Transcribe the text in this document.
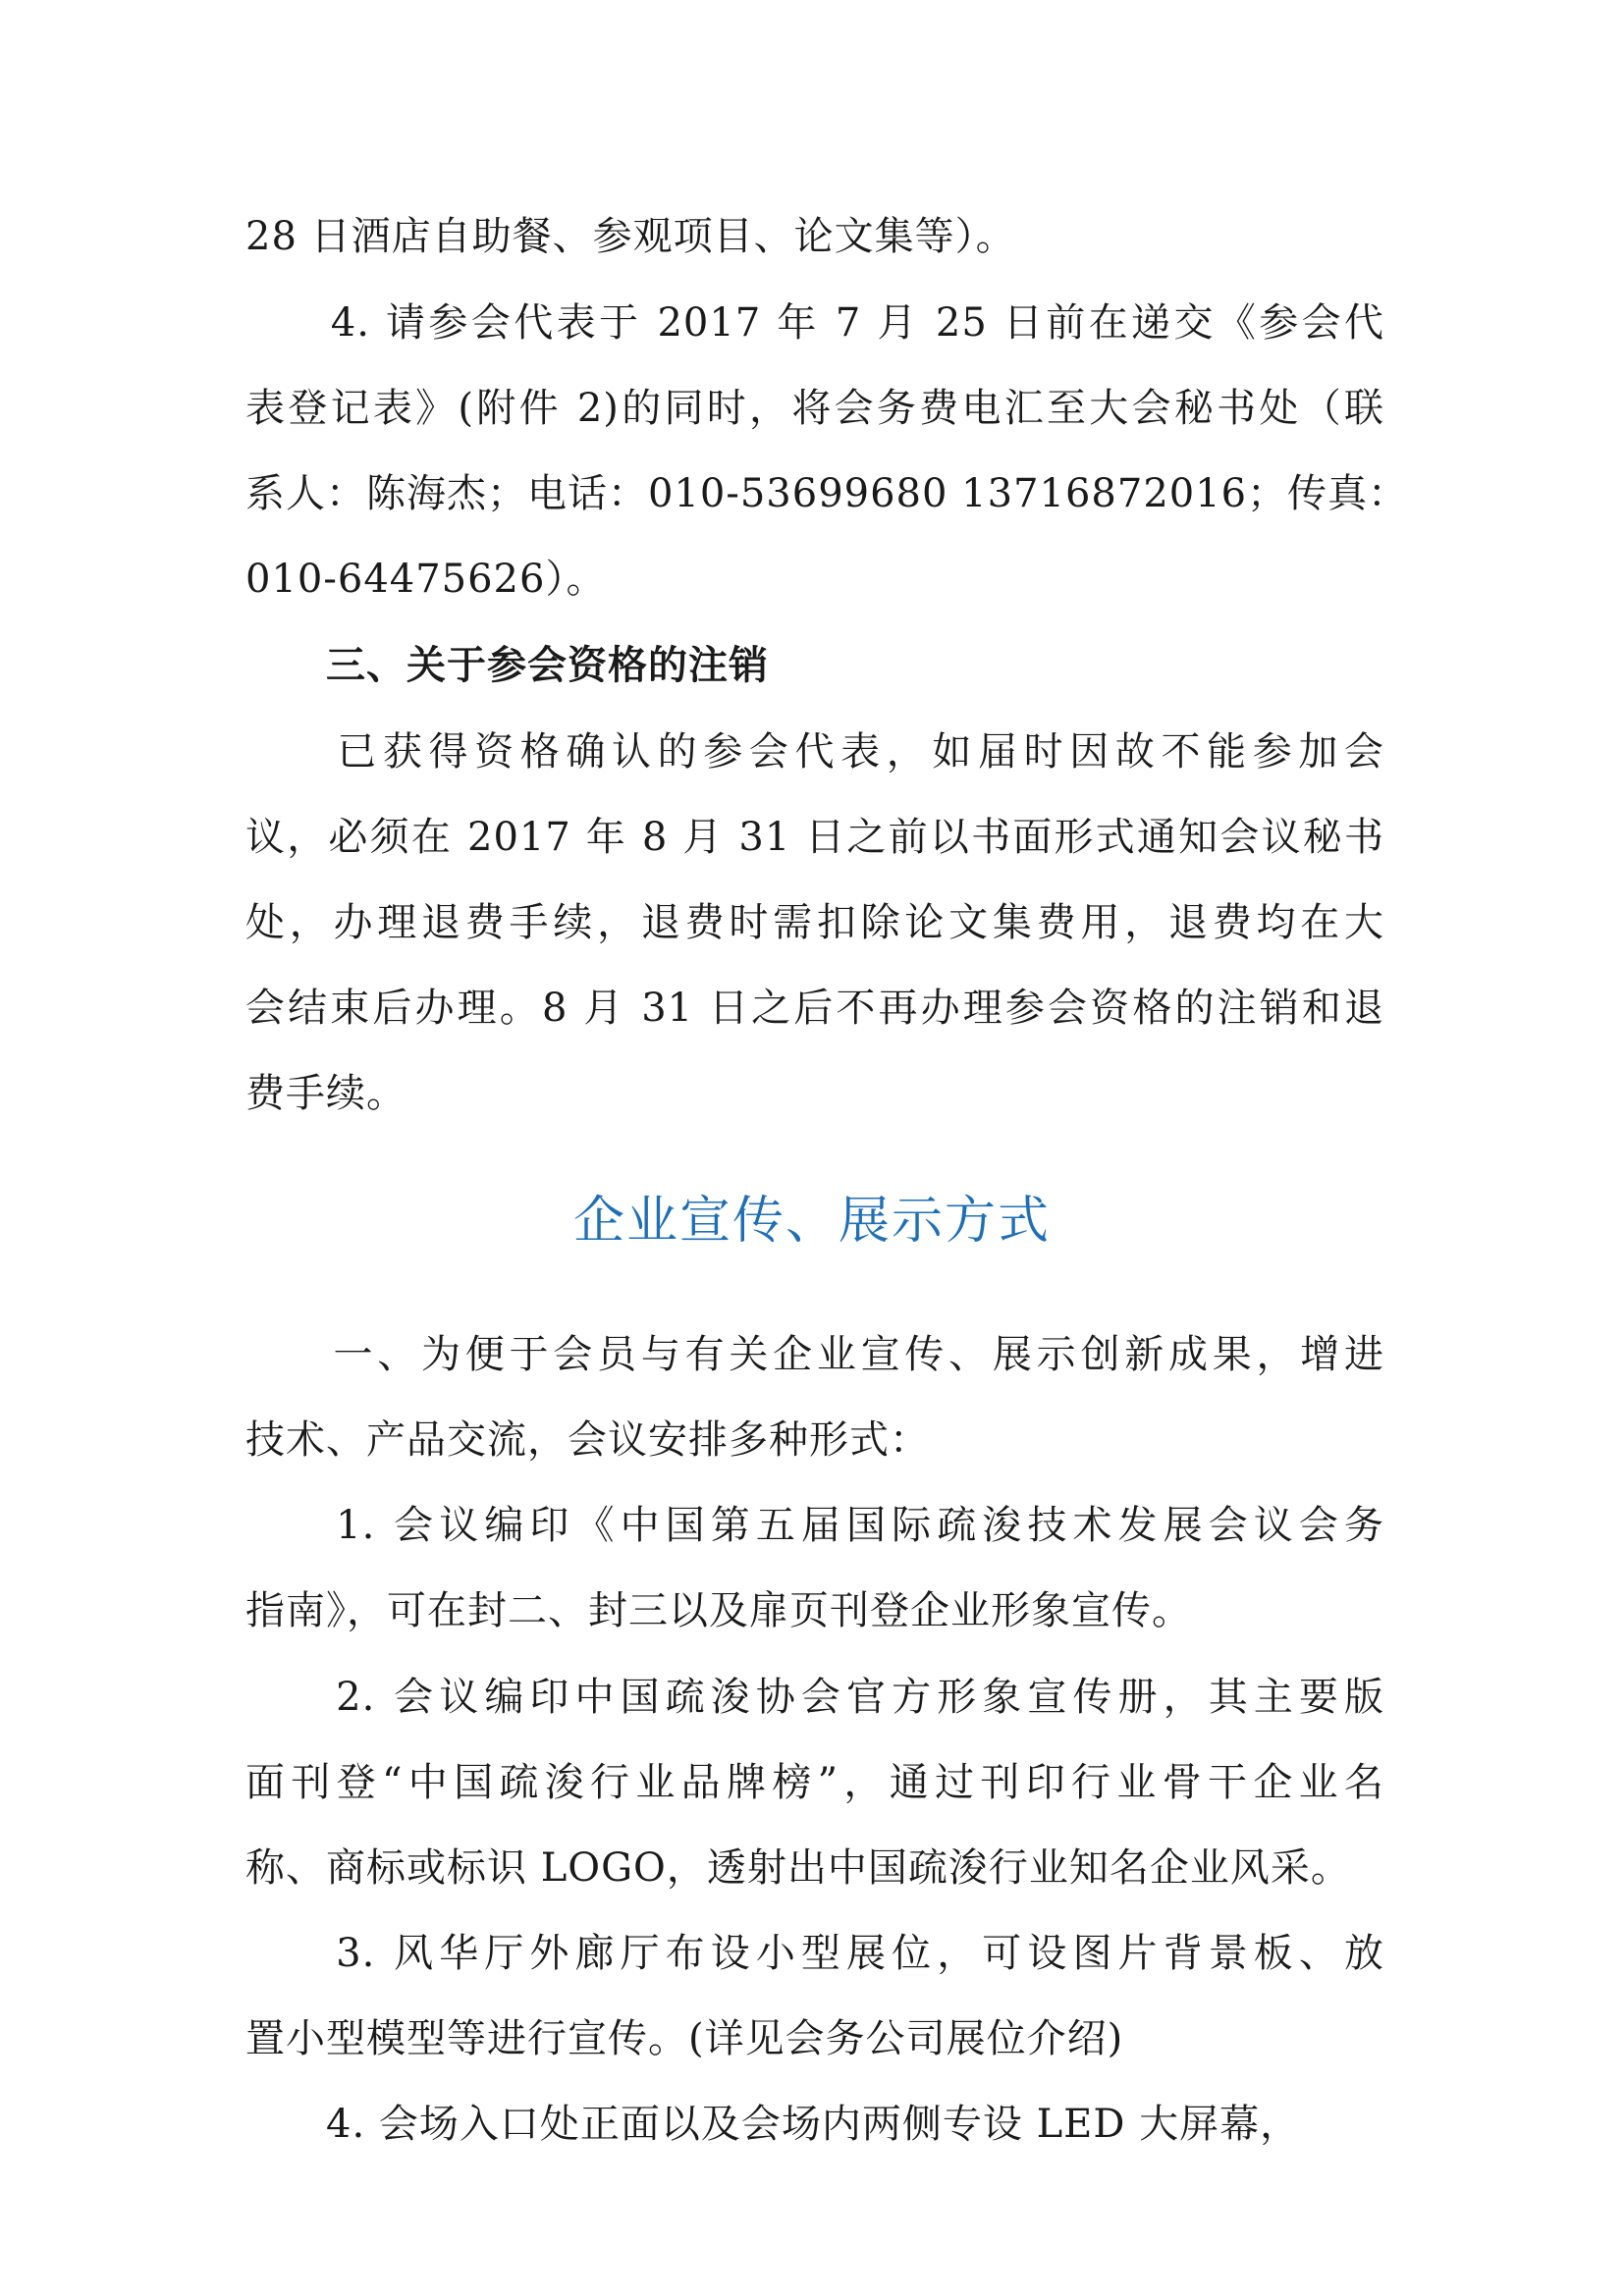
28 日酒店自助餐、参观项目、论文集等）。
　　4. 请参会代表于 2017 年 7 月 25 日前在递交《参会代
表登记表》(附件 2)的同时，将会务费电汇至大会秘书处（联
系人：陈海杰；电话：010-53699680 13716872016；传真：
010-64475626）。
　　三、关于参会资格的注销
　　已获得资格确认的参会代表，如届时因故不能参加会
议，必须在 2017 年 8 月 31 日之前以书面形式通知会议秘书
处，办理退费手续，退费时需扣除论文集费用，退费均在大
会结束后办理。8 月 31 日之后不再办理参会资格的注销和退
费手续。
企业宣传、展示方式
　　一、为便于会员与有关企业宣传、展示创新成果，增进
技术、产品交流，会议安排多种形式：
　　1. 会议编印《中国第五届国际疏浚技术发展会议会务
指南》，可在封二、封三以及扉页刊登企业形象宣传。
　　2. 会议编印中国疏浚协会官方形象宣传册，其主要版
面刊登“中国疏浚行业品牌榜”，通过刊印行业骨干企业名
称、商标或标识 LOGO，透射出中国疏浚行业知名企业风采。
　　3. 风华厅外廊厅布设小型展位，可设图片背景板、放
置小型模型等进行宣传。(详见会务公司展位介绍)
　　4. 会场入口处正面以及会场内两侧专设 LED 大屏幕，
